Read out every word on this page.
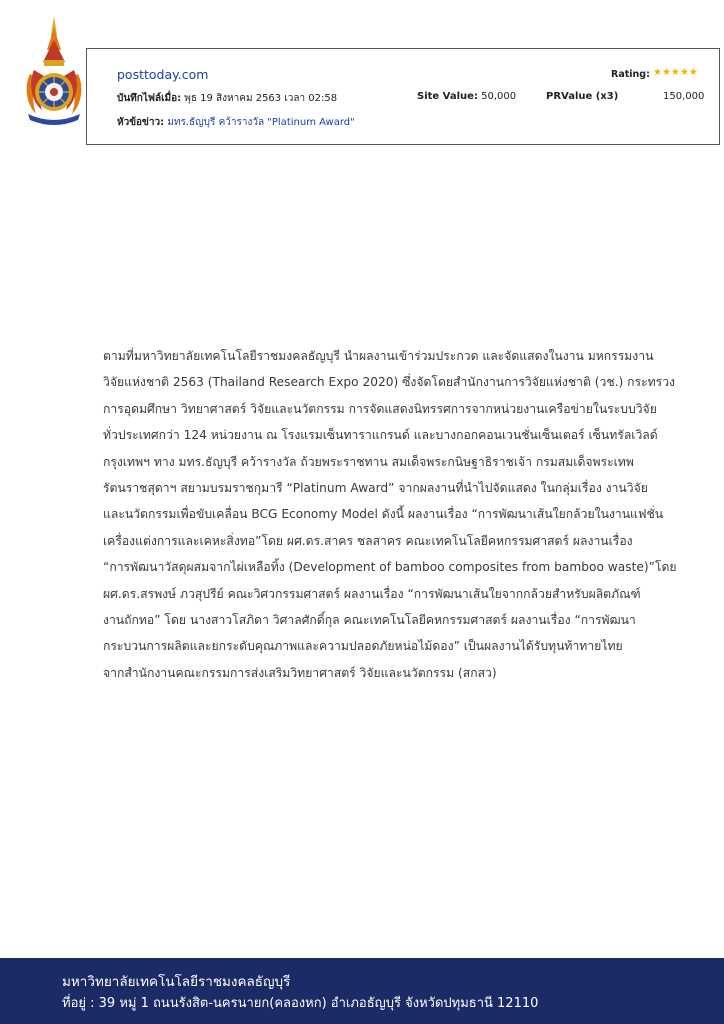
posttoday.com	Rating: ★★★★★
บันทึกไฟล์เมื่อ: พุธ 19 สิงหาคม 2563 เวลา 02:58	Site Value: 50,000	PRValue (x3)	150,000
หัวข้อข่าว: มทร.ธัญบุรี คว้ารางวัล "Platinum Award"
ตามที่มหาวิทยาลัยเทคโนโลยีราชมงคลธัญบุรี นำผลงานเข้าร่วมประกวด และจัดแสดงในงาน มหกรรมงาน
วิจัยแห่งชาติ 2563 (Thailand Research Expo 2020) ซึ่งจัดโดยสำนักงานการวิจัยแห่งชาติ (วช.) กระทรวง
การอุดมศึกษา วิทยาศาสตร์ วิจัยและนวัตกรรม การจัดแสดงนิทรรศการจากหน่วยงานเครือข่ายในระบบวิจัย
ทั่วประเทศกว่า 124 หน่วยงาน ณ โรงแรมเซ็นทาราแกรนด์ และบางกอกคอนเวนชั่นเซ็นเตอร์ เซ็นทรัลเวิลด์
กรุงเทพฯ ทาง มทร.ธัญบุรี คว้ารางวัล ถ้วยพระราชทาน สมเด็จพระกนิษฐาธิราชเจ้า กรมสมเด็จพระเทพ
รัตนราชสุดาฯ สยามบรมราชกุมารี “Platinum Award” จากผลงานที่นำไปจัดแสดง ในกลุ่มเรื่อง งานวิจัย
และนวัตกรรมเพื่อขับเคลื่อน BCG Economy Model ดังนี้ ผลงานเรื่อง “การพัฒนาเส้นใยกล้วยในงานแฟชั่น
เครื่องแต่งการและเคหะสิ่งทอ”โดย ผศ.ดร.สาคร ชลสาคร คณะเทคโนโลยีคหกรรมศาสตร์ ผลงานเรื่อง
“การพัฒนาวัสดุผสมจากไผ่เหลือทิ้ง (Development of bamboo composites from bamboo waste)”โดย
ผศ.ดร.สรพงษ์ ภวสุปรีย์ คณะวิศวกรรมศาสตร์ ผลงานเรื่อง “การพัฒนาเส้นใยจากกล้วยสำหรับผลิตภัณฑ์
งานถักทอ” โดย นางสาวโสภิดา วิศาลศักดิ์กุล คณะเทคโนโลยีคหกรรมศาสตร์ ผลงานเรื่อง “การพัฒนา
กระบวนการผลิตและยกระดับคุณภาพและความปลอดภัยหน่อไม้ดอง” เป็นผลงานได้รับทุนท้าทายไทย
จากสำนักงานคณะกรรมการส่งเสริมวิทยาศาสตร์ วิจัยและนวัตกรรม (สกสว)
มหาวิทยาลัยเทคโนโลยีราชมงคลธัญบุรี
ที่อยู่ : 39 หมู่ 1 ถนนรังสิต-นครนายก(คลองหก) อำเภอธัญบุรี จังหวัดปทุมธานี 12110
